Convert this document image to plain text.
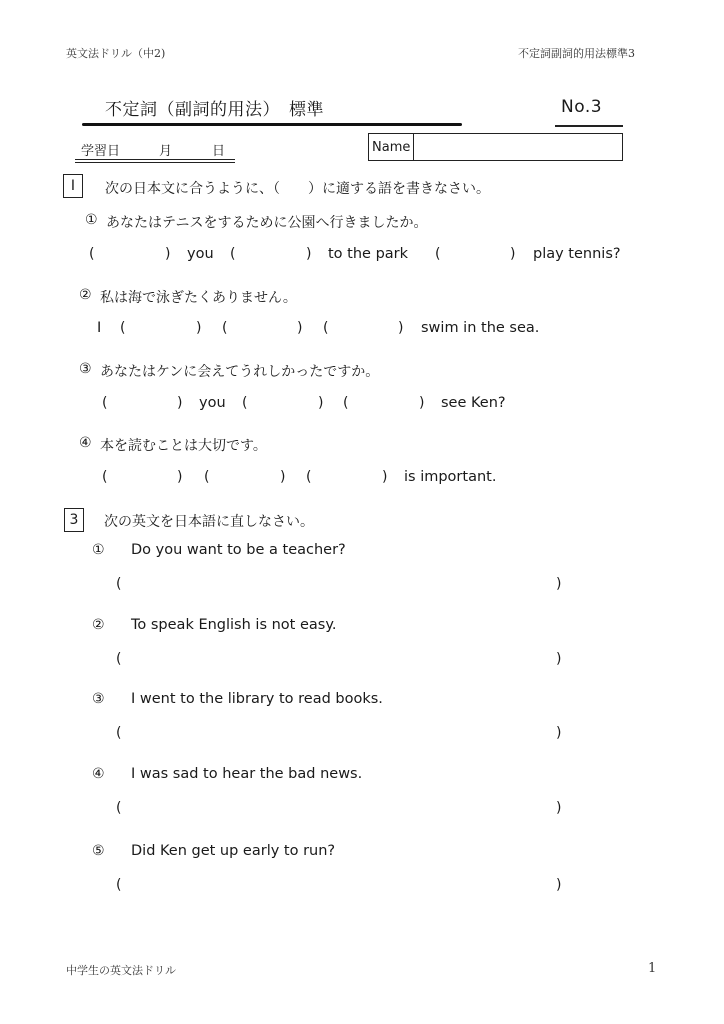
英文法ドリル（中2)	不定詞副詞的用法標準3
不定詞（副詞的用法）　標準	No.3
学習日	月	日	Name
I 次の日本文に合うように、（　　）に適する語を書きなさい。
① あなたはテニスをするために公園へ行きましたか。
(	) you (	) to the park (	) play tennis?
② 私は海で泳ぎたくありません。
I (	) (	) (	) swim in the sea.
③ あなたはケンに会えてうれしかったですか。
(	) you (	) (	) see Ken?
④ 本を読むことは大切です。
(	) (	) (	) is important.
3 次の英文を日本語に直しなさい。
① Do you want to be a teacher?
(	)
② To speak English is not easy.
(	)
③ I went to the library to read books.
(	)
④ I was sad to hear the bad news.
(	)
⑤ Did Ken get up early to run?
(	)
中学生の英文法ドリル	1
